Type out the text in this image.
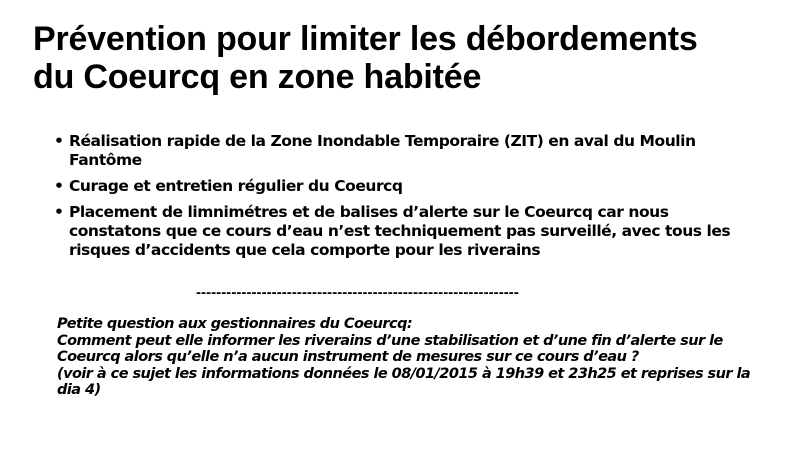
Prévention pour limiter les débordements
du Coeurcq en zone habitée
• Réalisation rapide de la Zone Inondable Temporaire (ZIT) en aval du Moulin
Fantôme
• Curage et entretien régulier du Coeurcq
• Placement de limnimétres et de balises d’alerte sur le Coeurcq car nous
constatons que ce cours d’eau n’est techniquement pas surveillé, avec tous les
risques d’accidents que cela comporte pour les riverains
----------------------------------------------------------------
Petite question aux gestionnaires du Coeurcq:
Comment peut elle informer les riverains d’une stabilisation et d’une fin d’alerte sur le
Coeurcq alors qu’elle n’a aucun instrument de mesures sur ce cours d’eau ?
(voir à ce sujet les informations données le 08/01/2015 à 19h39 et 23h25 et reprises sur la
dia 4)
